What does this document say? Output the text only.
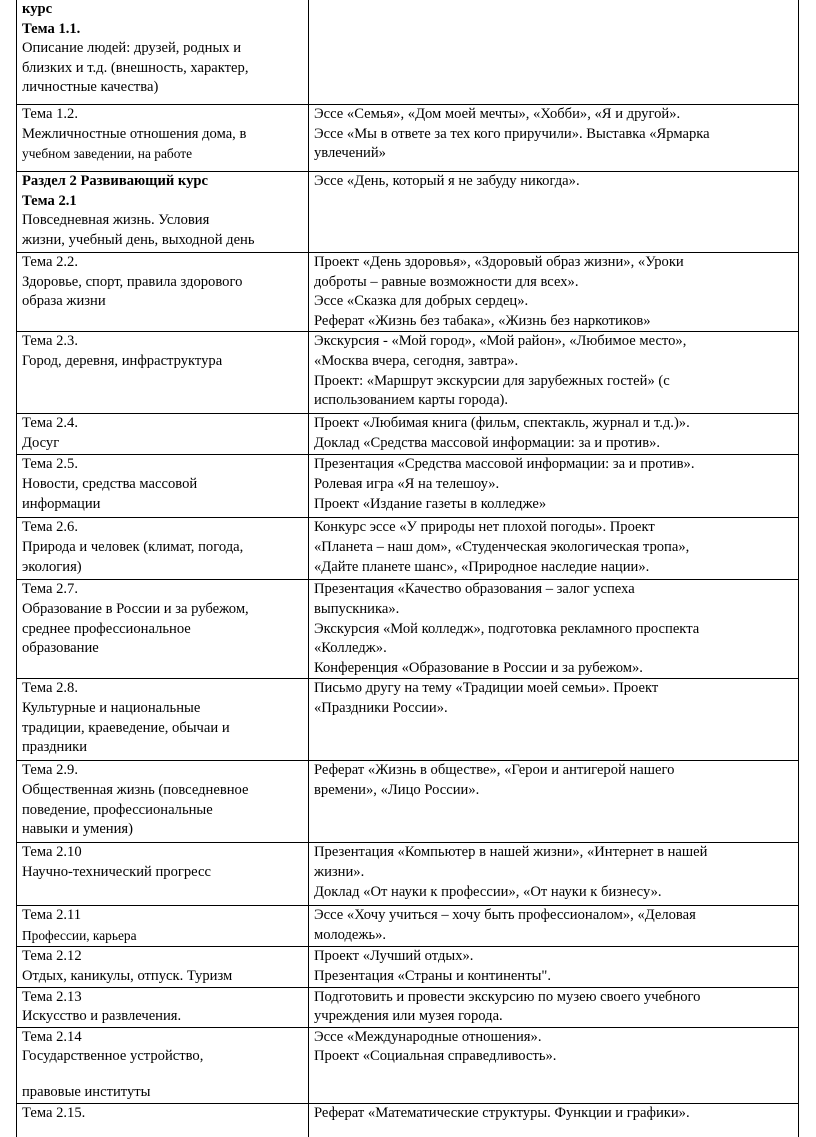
курс
Тема 1.1.
Описание людей: друзей, родных и
близких и т.д. (внешность, характер,
личностные качества)	

Тема 1.2.
Межличностные отношения дома, в
учебном заведении, на работе	Эссе «Семья», «Дом моей мечты», «Хобби», «Я и другой».
Эссе «Мы в ответе за тех кого приручили». Выставка «Ярмарка
увлечений»

Раздел 2 Развивающий курс
Тема 2.1
Повседневная жизнь. Условия
жизни, учебный день, выходной день	Эссе «День, который я не забуду никогда».

Тема 2.2.
Здоровье, спорт, правила здорового
образа жизни	Проект «День здоровья», «Здоровый образ жизни», «Уроки
доброты – равные возможности для всех».
Эссе «Сказка для добрых сердец».
Реферат «Жизнь без табака», «Жизнь без наркотиков»

Тема 2.3.
Город, деревня, инфраструктура	Экскурсия - «Мой город», «Мой район», «Любимое место»,
«Москва вчера, сегодня, завтра».
Проект: «Маршрут экскурсии для зарубежных гостей» (с
использованием карты города).

Тема 2.4.
Досуг	Проект «Любимая книга (фильм, спектакль, журнал и т.д.)».
Доклад «Средства массовой информации: за и против».

Тема 2.5.
Новости, средства массовой
информации	Презентация «Средства массовой информации: за и против».
Ролевая игра «Я на телешоу».
Проект «Издание газеты в колледже»

Тема 2.6.
Природа и человек (климат, погода,
экология)	Конкурс эссе «У природы нет плохой погоды». Проект
«Планета – наш дом», «Студенческая экологическая тропа»,
«Дайте планете шанс», «Природное наследие нации».

Тема 2.7.
Образование в России и за рубежом,
среднее профессиональное
образование	Презентация «Качество образования – залог успеха
выпускника».
Экскурсия «Мой колледж», подготовка рекламного проспекта
«Колледж».
Конференция «Образование в России и за рубежом».

Тема 2.8.
Культурные и национальные
традиции, краеведение, обычаи и
праздники	Письмо другу на тему «Традиции моей семьи». Проект
«Праздники России».

Тема 2.9.
Общественная жизнь (повседневное
поведение, профессиональные
навыки и умения)	Реферат «Жизнь в обществе», «Герои и антигерой нашего
времени», «Лицо России».

Тема 2.10
Научно-технический прогресс	Презентация «Компьютер в нашей жизни», «Интернет в нашей
жизни».
Доклад «От науки к профессии», «От науки к бизнесу».

Тема 2.11
Профессии, карьера	Эссе «Хочу учиться – хочу быть профессионалом», «Деловая
молодежь».

Тема 2.12
Отдых, каникулы, отпуск. Туризм	Проект «Лучший отдых».
Презентация «Страны и континенты".

Тема 2.13
Искусство и развлечения.	Подготовить и провести экскурсию по музею своего учебного
учреждения или музея города.

Тема 2.14
Государственное устройство,
правовые институты	Эссе «Международные отношения».
Проект «Социальная справедливость».

Тема 2.15.	Реферат «Математические структуры. Функции и графики».
